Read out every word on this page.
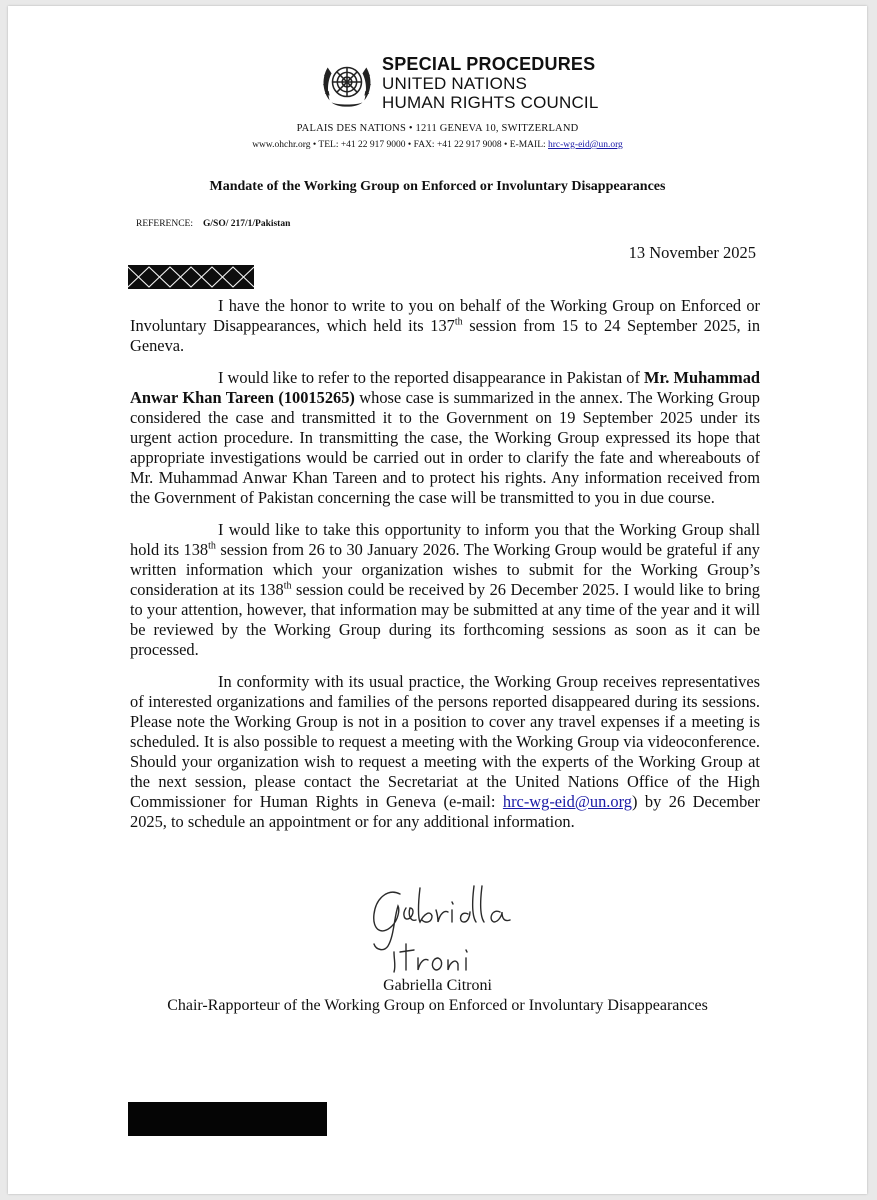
SPECIAL PROCEDURES
UNITED NATIONS
HUMAN RIGHTS COUNCIL
PALAIS DES NATIONS • 1211 GENEVA 10, SWITZERLAND
www.ohchr.org • TEL: +41 22 917 9000 • FAX: +41 22 917 9008 • E-MAIL: hrc-wg-eid@un.org
Mandate of the Working Group on Enforced or Involuntary Disappearances
REFERENCE: G/SO/ 217/1/Pakistan
13 November 2025

I have the honor to write to you on behalf of the Working Group on Enforced or Involuntary Disappearances, which held its 137th session from 15 to 24 September 2025, in Geneva.

I would like to refer to the reported disappearance in Pakistan of Mr. Muhammad Anwar Khan Tareen (10015265) whose case is summarized in the annex. The Working Group considered the case and transmitted it to the Government on 19 September 2025 under its urgent action procedure. In transmitting the case, the Working Group expressed its hope that appropriate investigations would be carried out in order to clarify the fate and whereabouts of Mr. Muhammad Anwar Khan Tareen and to protect his rights. Any information received from the Government of Pakistan concerning the case will be transmitted to you in due course.

I would like to take this opportunity to inform you that the Working Group shall hold its 138th session from 26 to 30 January 2026. The Working Group would be grateful if any written information which your organization wishes to submit for the Working Group’s consideration at its 138th session could be received by 26 December 2025. I would like to bring to your attention, however, that information may be submitted at any time of the year and it will be reviewed by the Working Group during its forthcoming sessions as soon as it can be processed.

In conformity with its usual practice, the Working Group receives representatives of interested organizations and families of the persons reported disappeared during its sessions. Please note the Working Group is not in a position to cover any travel expenses if a meeting is scheduled. It is also possible to request a meeting with the Working Group via videoconference. Should your organization wish to request a meeting with the experts of the Working Group at the next session, please contact the Secretariat at the United Nations Office of the High Commissioner for Human Rights in Geneva (e-mail: hrc-wg-eid@un.org) by 26 December 2025, to schedule an appointment or for any additional information.

Gabriella Citroni
Chair-Rapporteur of the Working Group on Enforced or Involuntary Disappearances
